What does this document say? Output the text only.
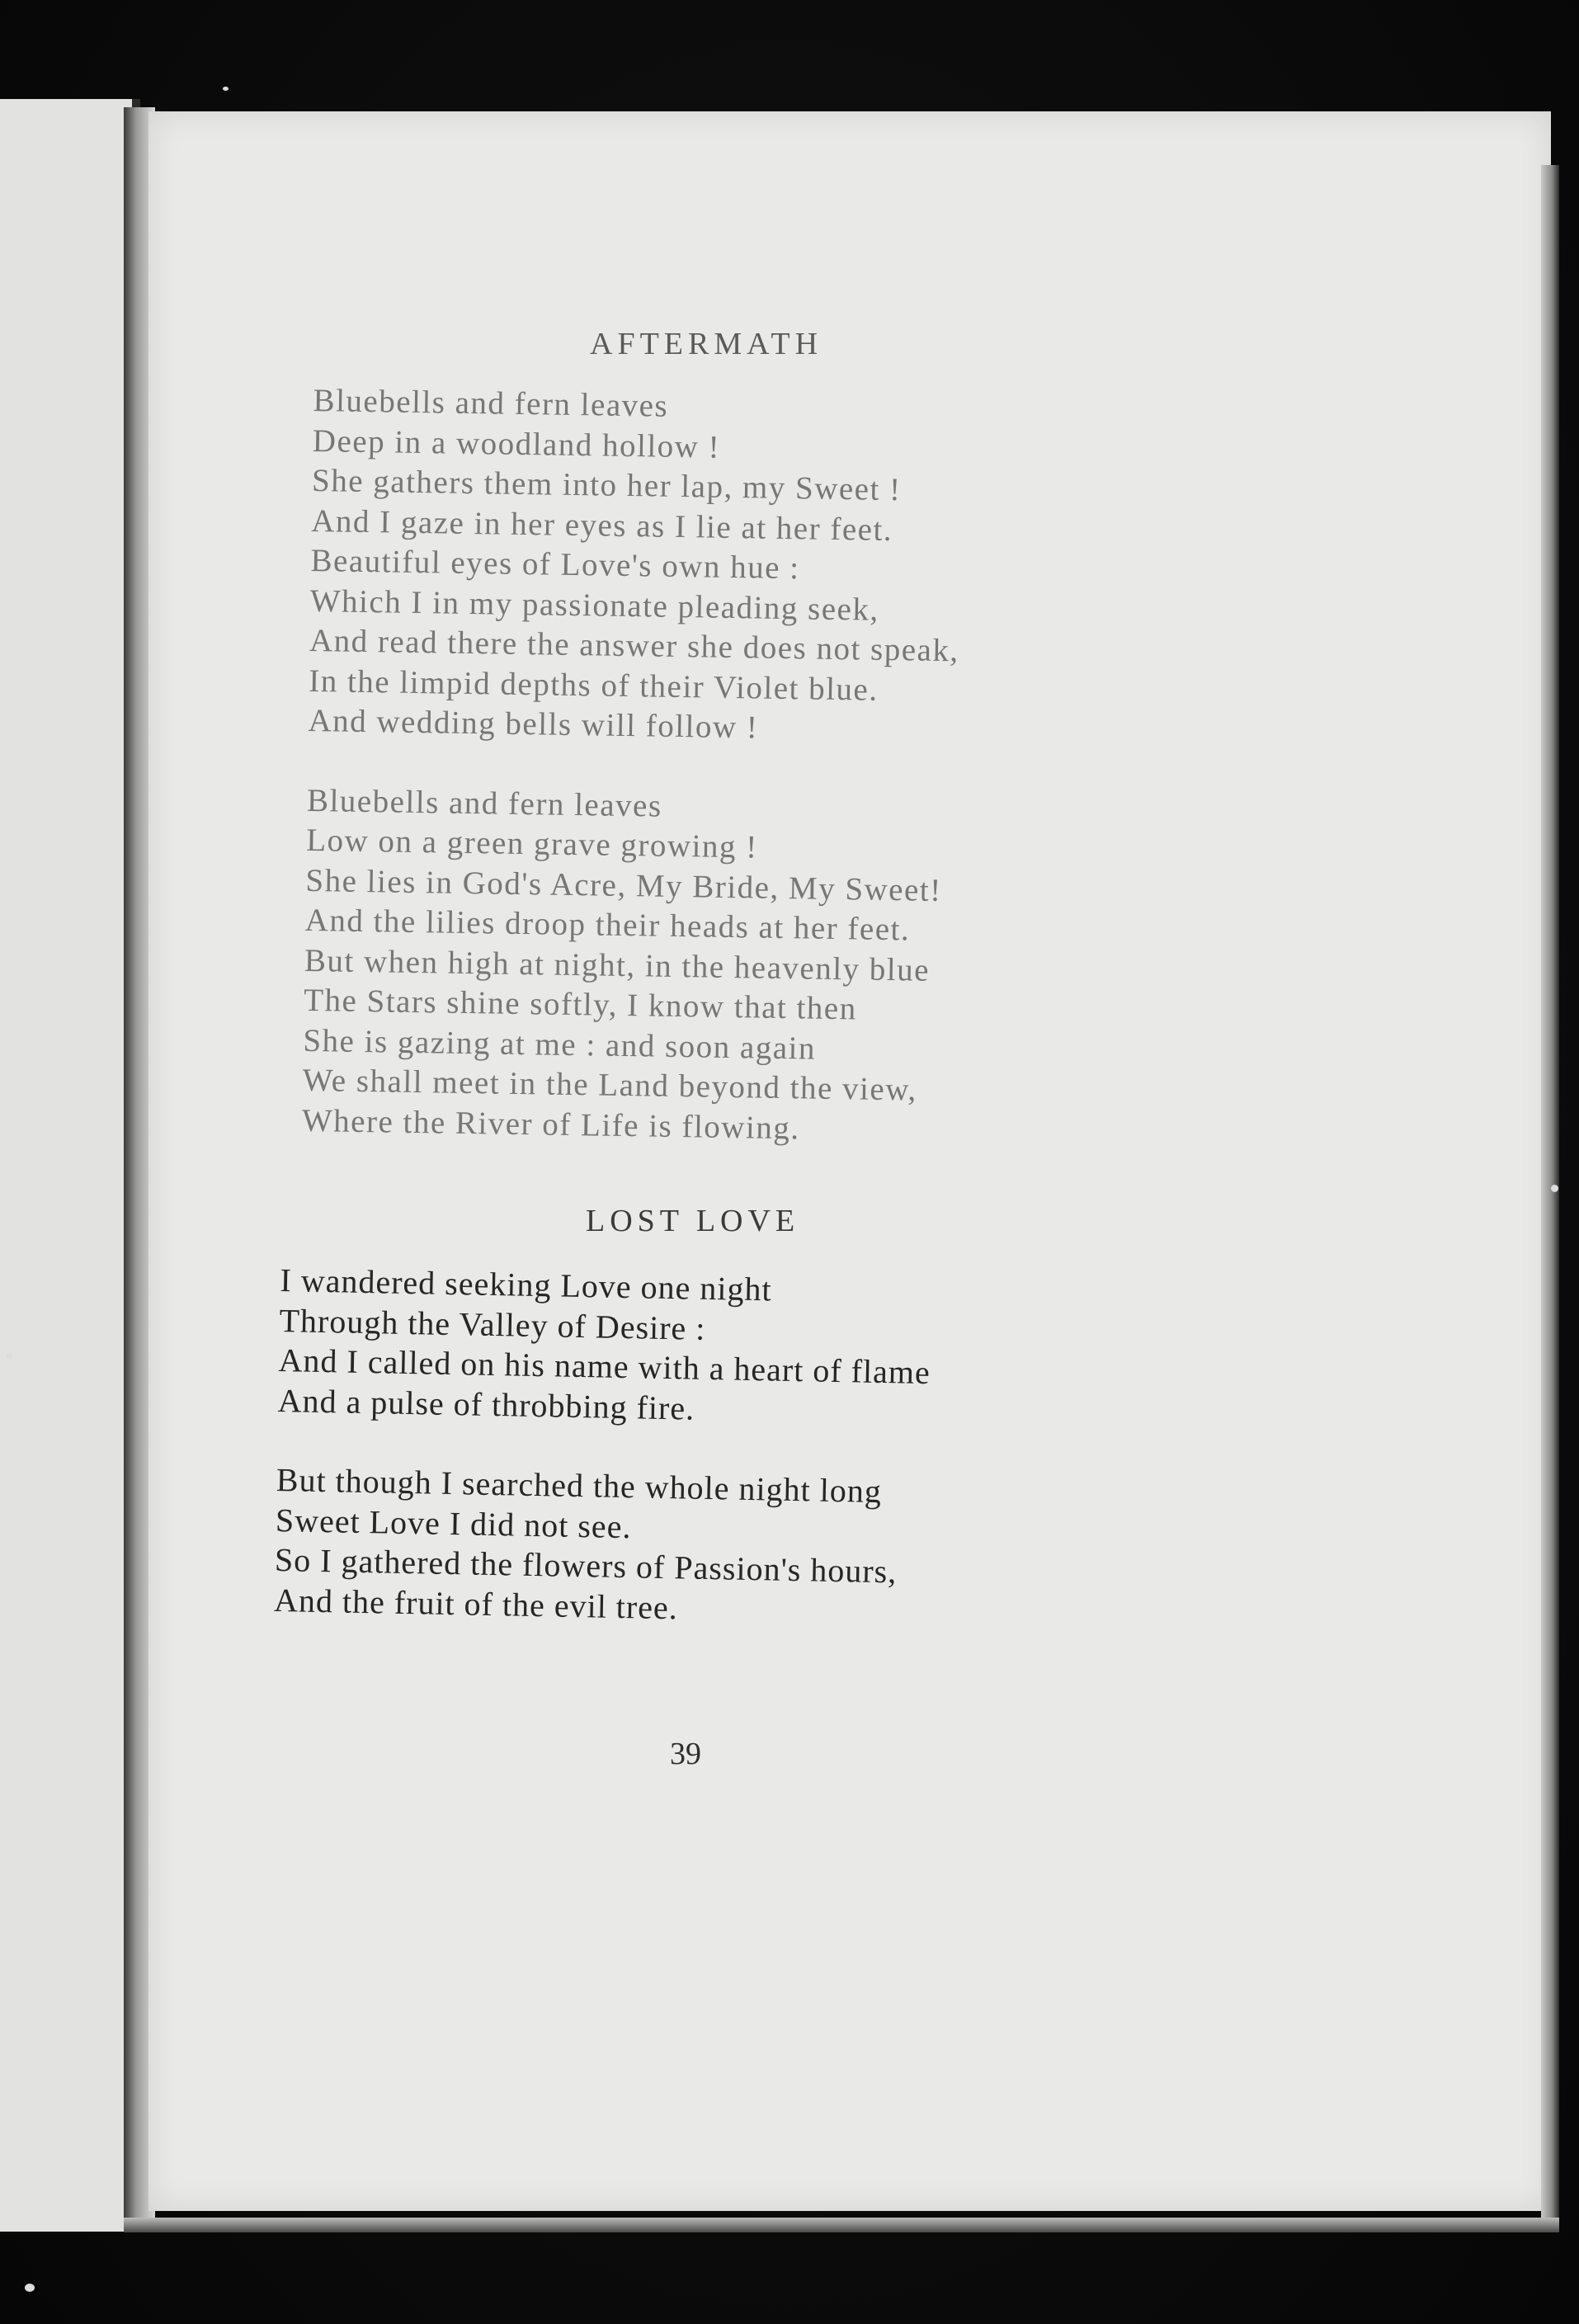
AFTERMATH
Bluebells and fern leaves
Deep in a woodland hollow !
She gathers them into her lap, my Sweet !
And I gaze in her eyes as I lie at her feet.
Beautiful eyes of Love's own hue :
Which I in my passionate pleading seek,
And read there the answer she does not speak,
In the limpid depths of their Violet blue.
And wedding bells will follow !
Bluebells and fern leaves
Low on a green grave growing !
She lies in God's Acre, My Bride, My Sweet!
And the lilies droop their heads at her feet.
But when high at night, in the heavenly blue
The Stars shine softly, I know that then
She is gazing at me : and soon again
We shall meet in the Land beyond the view,
Where the River of Life is flowing.
LOST LOVE
I wandered seeking Love one night
Through the Valley of Desire :
And I called on his name with a heart of flame
And a pulse of throbbing fire.
But though I searched the whole night long
Sweet Love I did not see.
So I gathered the flowers of Passion's hours,
And the fruit of the evil tree.
39
